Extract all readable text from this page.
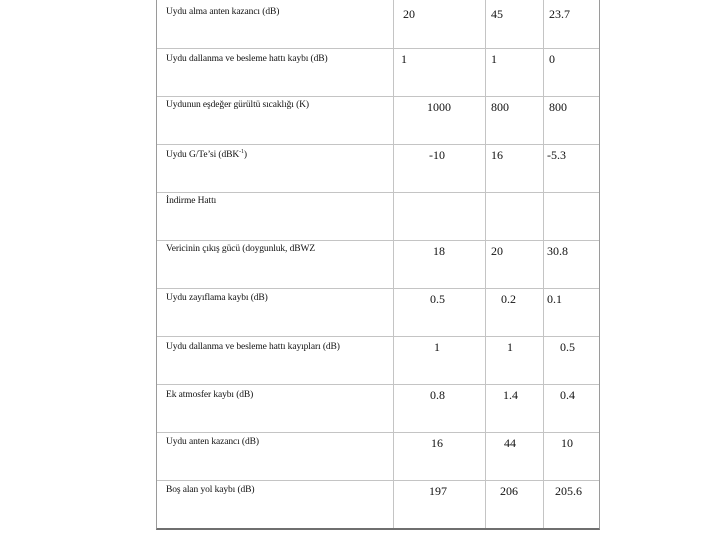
Uydu alma anten kazancı (dB)	20	45	23.7
Uydu dallanma ve besleme hattı kaybı (dB)	1	1	0
Uydunun eşdeğer gürültü sıcaklığı (K)	1000	800	800
Uydu G/Te’si (dBK$^{-1}$)	-10	16	-5.3
İndirme Hattı
Vericinin çıkış gücü (doygunluk, dBWZ	18	20	30.8
Uydu zayıflama kaybı (dB)	0.5	0.2	0.1
Uydu dallanma ve besleme hattı kayıpları (dB)	1	1	0.5
Ek atmosfer kaybı (dB)	0.8	1.4	0.4
Uydu anten kazancı (dB)	16	44	10
Boş alan yol kaybı (dB)	197	206	205.6
